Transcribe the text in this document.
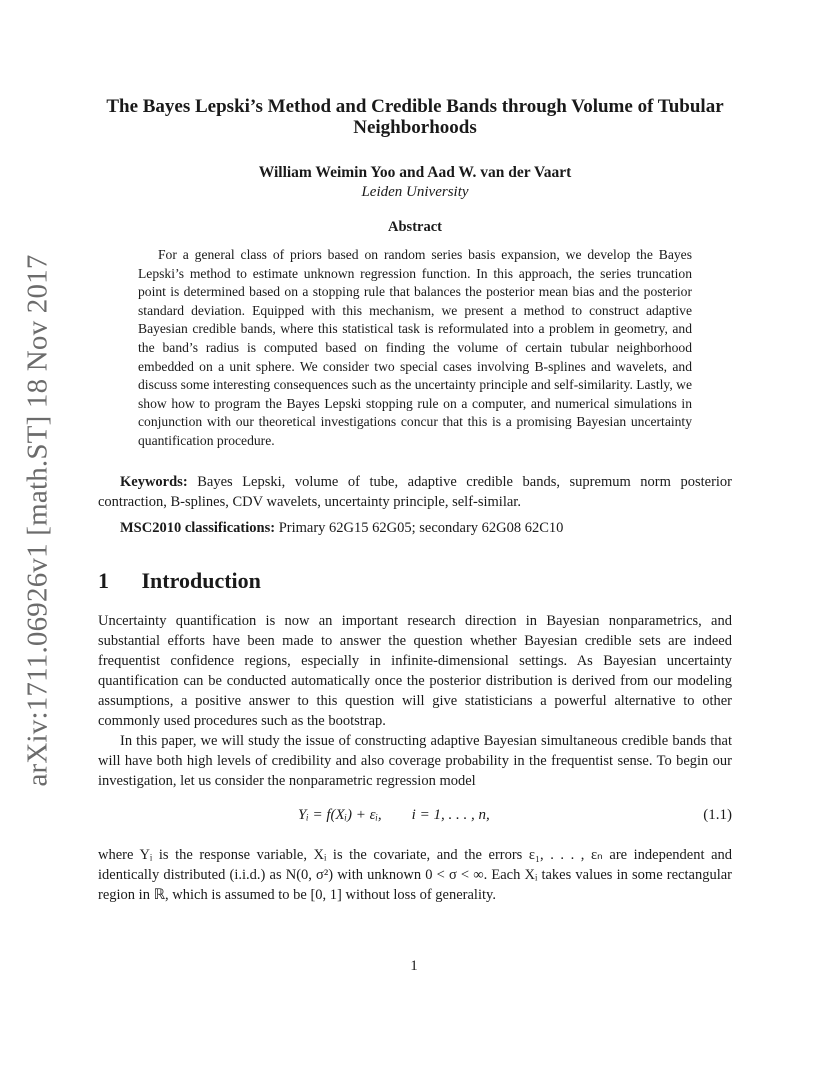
arXiv:1711.06926v1 [math.ST] 18 Nov 2017
The Bayes Lepski’s Method and Credible Bands through Volume of Tubular Neighborhoods
William Weimin Yoo and Aad W. van der Vaart
Leiden University
Abstract
For a general class of priors based on random series basis expansion, we develop the Bayes Lepski’s method to estimate unknown regression function. In this approach, the series truncation point is determined based on a stopping rule that balances the posterior mean bias and the posterior standard deviation. Equipped with this mechanism, we present a method to construct adaptive Bayesian credible bands, where this statistical task is reformulated into a problem in geometry, and the band’s radius is computed based on finding the volume of certain tubular neighborhood embedded on a unit sphere. We consider two special cases involving B-splines and wavelets, and discuss some interesting consequences such as the uncertainty principle and self-similarity. Lastly, we show how to program the Bayes Lepski stopping rule on a computer, and numerical simulations in conjunction with our theoretical investigations concur that this is a promising Bayesian uncertainty quantification procedure.
Keywords: Bayes Lepski, volume of tube, adaptive credible bands, supremum norm posterior contraction, B-splines, CDV wavelets, uncertainty principle, self-similar.
MSC2010 classifications: Primary 62G15 62G05; secondary 62G08 62C10
1 Introduction

Uncertainty quantification is now an important research direction in Bayesian nonparametrics, and substantial efforts have been made to answer the question whether Bayesian credible sets are indeed frequentist confidence regions, especially in infinite-dimensional settings. As Bayesian uncertainty quantification can be conducted automatically once the posterior distribution is derived from our modeling assumptions, a positive answer to this question will give statisticians a powerful alternative to other commonly used procedures such as the bootstrap.

In this paper, we will study the issue of constructing adaptive Bayesian simultaneous credible bands that will have both high levels of credibility and also coverage probability in the frequentist sense. To begin our investigation, let us consider the nonparametric regression model

Yᵢ = f(Xᵢ) + εᵢ,        i = 1, . . . , n,	(1.1)

where Yᵢ is the response variable, Xᵢ is the covariate, and the errors ε₁, . . . , εₙ are independent and identically distributed (i.i.d.) as N(0, σ²) with unknown 0 < σ < ∞. Each Xᵢ takes values in some rectangular region in ℝ, which is assumed to be [0, 1] without loss of generality.

1
